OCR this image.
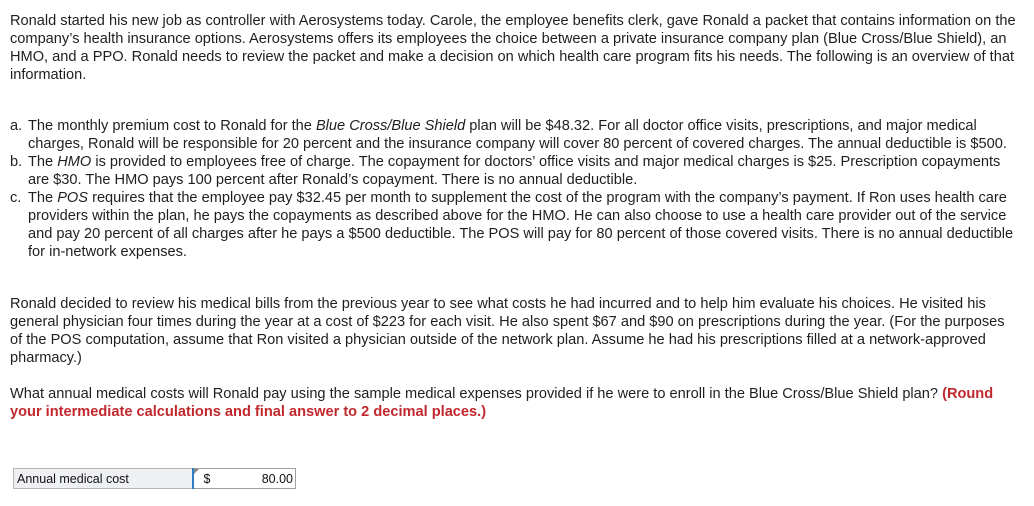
Ronald started his new job as controller with Aerosystems today. Carole, the employee benefits clerk, gave Ronald a packet that contains information on the company’s health insurance options. Aerosystems offers its employees the choice between a private insurance company plan (Blue Cross/Blue Shield), an HMO, and a PPO. Ronald needs to review the packet and make a decision on which health care program fits his needs. The following is an overview of that information.

a. The monthly premium cost to Ronald for the Blue Cross/Blue Shield plan will be $48.32. For all doctor office visits, prescriptions, and major medical charges, Ronald will be responsible for 20 percent and the insurance company will cover 80 percent of covered charges. The annual deductible is $500.
b. The HMO is provided to employees free of charge. The copayment for doctors’ office visits and major medical charges is $25. Prescription copayments are $30. The HMO pays 100 percent after Ronald’s copayment. There is no annual deductible.
c. The POS requires that the employee pay $32.45 per month to supplement the cost of the program with the company’s payment. If Ron uses health care providers within the plan, he pays the copayments as described above for the HMO. He can also choose to use a health care provider out of the service and pay 20 percent of all charges after he pays a $500 deductible. The POS will pay for 80 percent of those covered visits. There is no annual deductible for in-network expenses.

Ronald decided to review his medical bills from the previous year to see what costs he had incurred and to help him evaluate his choices. He visited his general physician four times during the year at a cost of $223 for each visit. He also spent $67 and $90 on prescriptions during the year. (For the purposes of the POS computation, assume that Ron visited a physician outside of the network plan. Assume he had his prescriptions filled at a network-approved pharmacy.)

What annual medical costs will Ronald pay using the sample medical expenses provided if he were to enroll in the Blue Cross/Blue Shield plan? (Round your intermediate calculations and final answer to 2 decimal places.)

Annual medical cost	$	80.00
